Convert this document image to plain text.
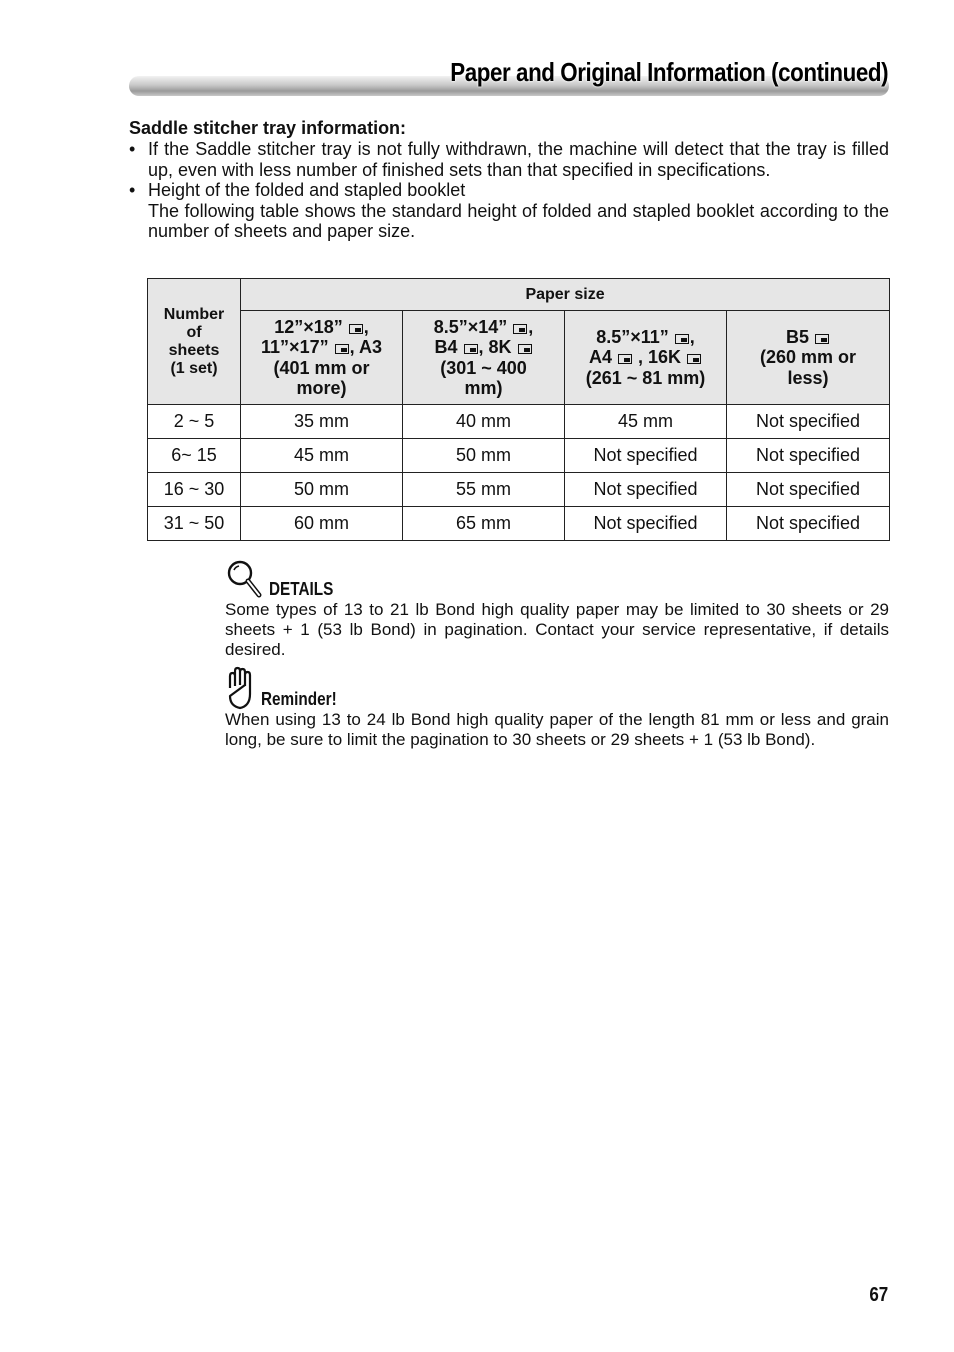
Paper and Original Information (continued)
Saddle stitcher tray information:
• If the Saddle stitcher tray is not fully withdrawn, the machine will detect that the tray is filled up, even with less number of finished sets than that specified in specifications.

• Height of the folded and stapled booklet

The following table shows the standard height of folded and stapled booklet according to the number of sheets and paper size.

Number
of
sheets
(1 set)	Paper size			
	12”×18” ,
11”×17” , A3
(401 mm or
more)	8.5”×14” ,
B4 , 8K
(301 ~ 400
mm)	8.5”×11” ,
A4  , 16K
(261 ~ 81 mm)	B5
(260 mm or
less)
2 ~ 5	35 mm	40 mm	45 mm	Not specified
6~ 15	45 mm	50 mm	Not specified	Not specified
16 ~ 30	50 mm	55 mm	Not specified	Not specified
31 ~ 50	60 mm	65 mm	Not specified	Not specified
DETAILS

Some types of 13 to 21 lb Bond high quality paper may be limited to 30 sheets or 29 sheets + 1 (53 lb Bond) in pagination. Contact your service representative, if details desired.

Reminder!

When using 13 to 24 lb Bond high quality paper of the length 81 mm or less and grain long, be sure to limit the pagination to 30 sheets or 29 sheets + 1 (53 lb Bond).

67
